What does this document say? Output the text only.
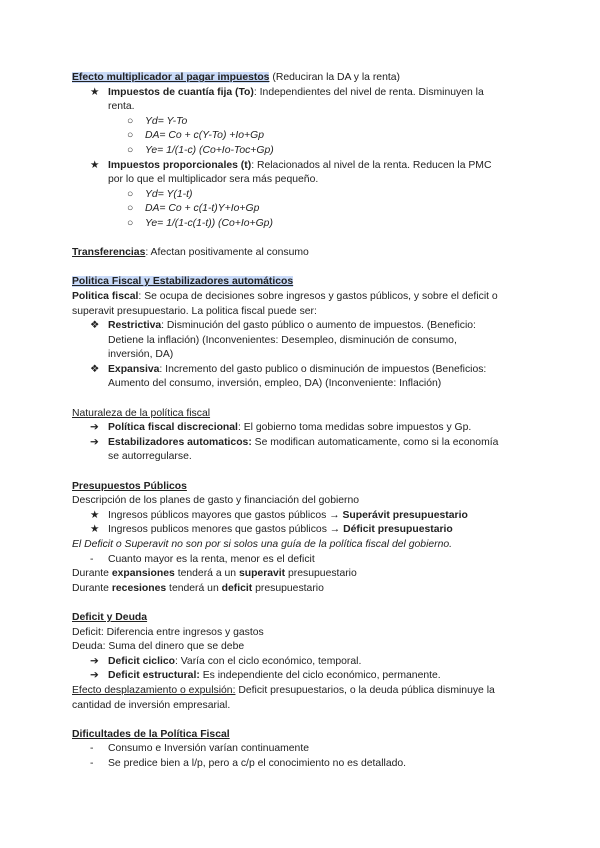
Efecto multiplicador al pagar impuestos (Reduciran la DA y la renta)
★ Impuestos de cuantía fija (To): Independientes del nivel de renta. Disminuyen la
renta.
○	Yd= Y-To
○	DA= Co + c(Y-To) +Io+Gp
○	Ye= 1/(1-c) (Co+Io-Toc+Gp)
★ Impuestos proporcionales (t): Relacionados al nivel de la renta. Reducen la PMC
por lo que el multiplicador sera más pequeño.
○	Yd= Y(1-t)
○	DA= Co + c(1-t)Y+Io+Gp
○	Ye= 1/(1-c(1-t)) (Co+Io+Gp)
Transferencias: Afectan positivamente al consumo
Politica Fiscal y Estabilizadores automáticos
Politica fiscal: Se ocupa de decisiones sobre ingresos y gastos públicos, y sobre el deficit o
superavit presupuestario. La politica fiscal puede ser:
❖ Restrictiva: Disminución del gasto público o aumento de impuestos. (Beneficio:
Detiene la inflación) (Inconvenientes: Desempleo, disminución de consumo,
inversión, DA)
❖ Expansiva: Incremento del gasto publico o disminución de impuestos (Beneficios:
Aumento del consumo, inversión, empleo, DA) (Inconveniente: Inflación)
Naturaleza de la política fiscal
➔ Política fiscal discrecional: El gobierno toma medidas sobre impuestos y Gp.
➔ Estabilizadores automaticos: Se modifican automaticamente, como si la economía
se autorregularse.
Presupuestos Públicos
Descripción de los planes de gasto y financiación del gobierno
★ Ingresos públicos mayores que gastos públicos → Superávit presupuestario
★ Ingresos publicos menores que gastos públicos → Déficit presupuestario
El Deficit o Superavit no son por si solos una guía de la política fiscal del gobierno.
-	Cuanto mayor es la renta, menor es el deficit
Durante expansiones tenderá a un superavit presupuestario
Durante recesiones tenderá un deficit presupuestario
Deficit y Deuda
Deficit: Diferencia entre ingresos y gastos
Deuda: Suma del dinero que se debe
➔ Deficit ciclico: Varía con el ciclo económico, temporal.
➔ Deficit estructural: Es independiente del ciclo económico, permanente.
Efecto desplazamiento o expulsión: Deficit presupuestarios, o la deuda pública disminuye la
cantidad de inversión empresarial.
Dificultades de la Política Fiscal
-	Consumo e Inversión varían continuamente
-	Se predice bien a l/p, pero a c/p el conocimiento no es detallado.
